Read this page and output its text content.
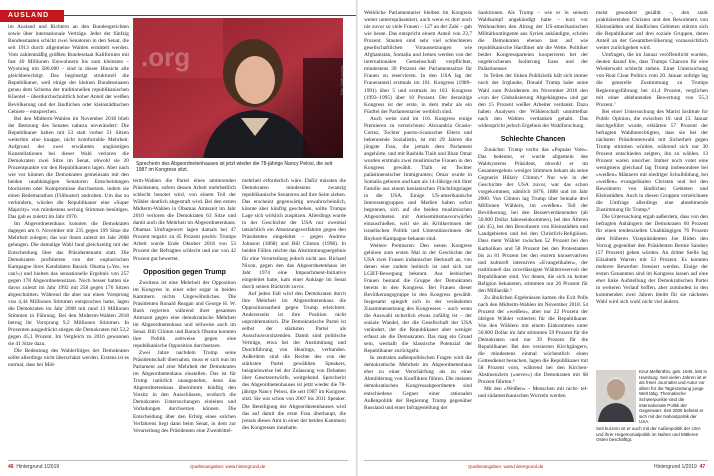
AUSLAND

im Ausland und Richtern an den Bundesgerichten sowie über internationale Verträge. Jeder der fünfzig Bundesstaaten schickt zwei Senatoren in den Senat, die seit 1913 durch allgemeine Wahlen ermittelt werden. Vom zahlenmäßig größten Bundesstaat Kalifornien mit fast 40 Millionen Einwohnern bis zum kleinsten – Wyoming mit 580.000 – sind in dieser Hinsicht alle gleichberechtigt. Das begünstigt strukturell die Republikaner, weil einige der kleinen Bundesstaaten genau dem Schema der traditionellen republikanischen Klientel – überdurchschnittlich hoher Anteil der weißen Bevölkerung und der ländlichen oder kleinstädtischen Gebiete – entsprechen.

Bei den Midterm-Wahlen im November 2018 blieb der Bestzung des Senates nahezu unverändert: Die Republikaner halten mit 53 statt vorher 51 Sitzen weiterhin eine knappe, nicht komfortable Mehrheit. Aufgrund der zwei erwähnten ungünstigen Konstellationen bei dieser Wahl verloren die Demokraten zwei Sitze im Senat, obwohl sie 20 Prozentpunkte vor den Republikanern lagen. Aber nach wie vor können die Demokraten gemeinsam mit den beiden unabhängigen Senatoren Entscheidungen blockieren oder Kompromisse durchsetzen, indem sie einen Redemarathon (Filibuster) androhen. Um das zu verhindern, würden die Republikaner eine »Super Majority« von mindestens sechzig Stimmen benötigen. Das gab es zuletzt im Jahr 1976.

Im Abgeordnetenhaus konnten die Demokraten dagegen am 6. November mit 235 gegen 199 Sitze die Mehrheit zulegen; das war ihnen zuletzt im Jahr 2008 gelungen. Die damalige Wahl fand gleichzeitig mit der Entscheidung über das Präsidentenamt statt. Die Demokraten profitierten von der euphorischen Kampagne ihres Kandidaten Barack Obama (»Yes, we can!«) und hielten das sensationelle Ergebnis von 257 gegen 178 Abgeordnetensitzen. Noch besser hatten sie davor zuletzt im Jahr 1992 mit 258 gegen 176 Sitzen abgeschnitten. Während die aber nur einen Vorsprung von 4,44 Millionen Stimmen entsprochen hatte, lagen die Demokraten im Jahr 2008 mit rund 13 Millionen Stimmen in Führung. Bei den Midterm-Wahlen 2018 betrug ihr Vorsprung 9,2 Millionen Stimmen. In Prozenten ausgedrückt stiegen die Demokraten mit 53,2 gegen 45,1 Prozent. Im Vergleich zu 2016 gewannen sie 41 Sitze dazu.

Die Bedeutung des Wahlerfolges der Demokraten sollte allerdings nicht überschätzt werden. Erstens ist es normal, dass bei Mid-

.org
Foto: Getty Images
Sprecherin des Abgeordnetenhauses ist jetzt wieder die 78-jährige Nancy Pelosi, die seit 1987 im Kongress sitzt.

term-Wahlen die Partei eines amtierenden Präsidenten, sofern dessen Arbeit mehrheitlich schlecht benotet wird, von einem Teil der Wähler deutlich abgestraft wird. Bei den ersten Midterm-Wahlen in Obamas Amtszeit im Jahr 2010 verloren die Demokraten 63 Sitze und damit auch die Mehrheit im Abgeordnetenhaus. Obamas Umfragewert lagen damals bei 47 Prozent negativ zu 45 Prozent positiv. Trumps Arbeit wurde Ende Oktober 2018 von 53 Prozent der Befragten schlecht und nur von 42 Prozent gut bewertet.

Opposition gegen Trump

Zweitens ist eine Mehrheit der Opposition im Kongress in einer oder sogar in beiden Kammern nichts Ungewöhnliches. Die Präsidenten Ronald Reagan und George H. W. Bush regierten während ihrer gesamten Amtszeit gegen eine demokratische Mehrheit im Abgeordnetenhaus und teilweise auch im Senat. Bill Clinton und Barack Obama konnten ihre Politik zeitweise gegen eine republikanische Opposition durchsetzen.

Zwei Jahre nachdem Trump seine Präsidentschaft übernahm, muss er sich nun im Parlament auf eine Mehrheit der Demokraten im Abgeordnetenhaus einstellen. Das ist für Trump natürlich unangenehm, denn das Abgeordnetenhaus übernimmt künftig den Vorsitz in den Ausschüssen, wodurch die Demokraten Untersuchungen einleiten und Vorladungen durchsetzen können. Die Entscheidung über den Erfolg eines solchen Verfahrens liegt dann beim Senat, in dem zur Verurteilung des Präsidenten eine Zweidrittel-

mehrheit erforderlich wäre. Dafür müssten die Demokraten mindestens zwanzig republikanische Senatoren auf ihre Seite ziehen. Das erscheint gegenwärtig unwahrscheinlich, könnte aber künftig geschehen, sollte Trumps Lage sich wirklich zuspitzen. Allerdings wurde in der Geschichte der USA nur zweimal tatsächlich ein Absetzungsverfahren gegen den Präsidenten eingeleitet – gegen Andrew Johnson (1868) und Bill Clinton (1998). In beiden Fällen reichte das Abstimmungsergebnis für eine Verurteilung jedoch nicht aus. Richard Nixon, gegen den das Abgeordnetenhaus im Jahr 1974 eine Impeachment-Initiative eingeleitet hatte, kam einer Anklage im Senat durch seinen Rücktritt zuvor.

Auf jeden Fall wird den Demokraten durch ihre Mehrheit im Abgeordnetenhaus die Oppositionsarbeit gegen Trump erleichtert. Andererseits ist ihre Position nicht unproblematisch. Die Demokratische Partei ist selbst der stärksten Partei als Ausschusvorsitzenden. Damit sind politische Verträge, etwa bei der Anstimmung und Durchführung von Hearings, verbunden. Außerdem sind die Rechte des von der stärksten Partei gewählten Speakers, beispielsweise bei der Zulassung von Debatten über Gesetzentwürfe, weitgehend. Sprecherin des Abgeordnetenhauses ist jetzt wieder die 78-jährige Nancy Pelosi, die seit 1987 im Kongress sitzt. Sie war schon von 2007 bis 2011 Speaker. Die Beteiligung der Abgeordnetenhauses wird das auf damit die erste Frau überhaupt, die jemals dieses Amt in einer der beiden Kammern des Kongresses innehatte.

46 Hintergrund 1/2019	Quellenangaben: www.hintergrund.de

Weibliche Parlamentarier bleiben im Kongress weiter unterrepräsentiert, auch wenn es dort noch nie zuvor so viele Frauen – 127 an der Zahl – gab wie heute. Das entspricht einem Anteil von 23,7 Prozent. Stauten sind sehr viel schlechteren gesellschaftlichen Voraussetzungen wie Afghanistan, Somalia und Jemen werden von der internationalen Gemeinschaft verpflichtet, mindestens 30 Prozent der Parlamentssitze für Frauen zu reservieren. In den USA lag der Frauenanteil erstmals im 101. Kongress (1989–1991) über 5 und erstmals im 103. Kongress (1993–1995) über 10 Prozent. Der derzeitige Kongress ist der erste, in dem mehr als ein Fünftel der Parlamentarier weiblich sind.

Auch weist sind im 116. Kongress einige Premieren zu verzeichnen: Alexandria Ocasio-Cortez, Tochter puerto-ricanischer Eltern und bekennende Sozialistin, ist mit 29 Jahren die jüngste Frau, die jemals dem Parlament angehörte, und mit Rashida Tlaib und Ilhan Omar wurden erstmals zwei muslimische Frauen in den Kongress gewählt. Tlaib ist Tochter palästinensischer Immigranten; Omar wurde in Somalia geboren und kam als 14-Jährige mit ihrer Familie aus einem kenianischen Flüchtlingslager in die USA. Einige US-amerikanische Interessengruppen und Medien haben sofort begonnen, sich auf die beiden muslimischen Abgeordneten mit Antisemitismusvorwürfen einzuschießen, weil sie als Kritikerinnen der israelischen Politik und Unterstützerinnen der Boykott-Kampagne bekannt sind.

Weitere Premieren: Den neuen Kongress gehören zum ersten Mal in der Geschichte der USA zwei Frauen indianischer Herkunft an, von denen eine zudem lesbisch ist und sich zur LGBT-Bewegung bekennt. Aus lesbischen Frauen bestand die Gruppe der Demokraten bereits in den Kongress. Bei Frauen dieser Bevölkerungsgruppe in den Kongress gewählt. Insgesamt spiegelt sich in der veränderten Zusammensetzung des Kongresses – auch wenn die Auswahl sicherlich etwas zufällig ist – der soziale Wandel, der die Gesellschaft der USA verändert, der die Republikaner aber weniger erfasst als die Demokraten. Das mag ein Grund sein, weshalb die klassische Potenzial der Republikaner zurückgeht.

In zentralen außenpolitischen Fragen wird die demokratische Mehrheit im Abgeordnetenhaus eher zu einer Verschärfung als zu einer Abmilderung von Konflikten führen. Die meisten demokratischen Kongressabgeordneten sind entschiedene Gegner einer rationalen Außenpolitik der Regierung Trump gegenüber Russland und einer Infragestellung der

Sanktionen. Als Trump – wie er in seinem Wahlkampf angekündigt hatte – kurz vor Weihnachten den Abzug der US-amerikanischen Militärkontingente aus Syrien ankündigte, schrien die Demokraten ebenso laut auf wie republikanische Hardliner um die Wette. Politiker beider Kongressparteien kooperieren bei der ungebrochenen Isolierung Irans und der Palästinenser.

In Teilen der linken Publizistik hält sich immer noch der Irrglaube, Donald Trump habe seine Wahl zum Präsidenten im November 2016 den »von der Globalisierung Abgehängten« und gar den 15 Prozent weißer Arbeiter verdankt. Dazu haben Analysen der Wählerschaft unmittelbar nach den Wahlen verdanken gehabt. Das widerspricht jedoch Ergebnis der Wahlforschung.

Schlechte Chancen

Zunächst: Trump verlor das »Popular Vote«. Das bedeutet, er wurde allgemein des Wahlsystems Präsident, obwohl er im Gesamtergebnis weniger Stimmen bekam als seine Gegnerin Hillary Clinton.⁴ Nur wie in der Geschichte der USA zuvor, war das schon vorgekommen, nämlich 1876, 1888 und im Jahr 2000. Von Clinton lag Trump über beinahe drei Millionen Wählern, im »weißen« Teil der Bevölkerung, bei den Besserverdienenden (ab 50.000 Dollar Jahreseinkommen), bei den Älteren (ab 45), bei den Bewohnern von Kleinstädten und Landgebieten und bei den Christlich-Religiösen. Dass mehr Wähler zwischen 52 Prozent bei den Katholiken und 58 Prozent bei den Protestanten bis zu 81 Prozent bei den extrem konservativen und kulturell intensiven »Evangelikalen«, der traditionell das zuverlässigste Wählerreservoir der Republikaner sind. Vor denen, die sich zu keiner Religion bekannten, stimmten nur 26 Prozent für den Milliardär.⁵

Zu ähnlichen Ergebnissen kamen die Exit Polls nach den Midterm-Wahlen im November 2018. 54 Prozent der »weißen«, aber nur 22 Prozent der übrigen Wähler votierten für die Republikaner. Von den Wählern mit einem Einkommen unter 50.000 Dollar im Jahr stimmten 59 Prozent für die Demokraten und nur 39 Prozent für die Republikaner. Bei den versierten Kirchgängern, die mindestens einmal wöchentlich einen Gottesdienst besuchen, lagen die Republikaner mit 58 Prozent vorn, während bei den Kirchen-Abstinenzlern (»never«) die Demokraten mit 68 Prozent führten.⁶

Mit den »Weißen« – Menschen mit nicht- tel- und südamerikanischen Wurzeln werden

meist gesondert gezählt –, den stark praktizierenden Christen und den Bewohnern von Kleinstädten und ländlichen Gebieten stützen sich die Republikaner auf drei soziale Gruppen, deren Anteil an der Gesamtbevölkerung voraussichtlich weiter zurückgehen wird.

Umfragen, die im Januar veröffentlicht wurden, deuten darauf hin, dass Trumps Chancen für eine Wiederwahl schlecht stehen. Einer Untersuchung von Real Clear Politics vom 20. Januar zufolge lag die generelle Zustimmung zu Trumps Regierungsführung bei 41,4 Prozent, verglichen mit einer ablehnenden Bewertung von 55,3 Prozent.⁷

Bei einer Untersuchung des Marist Institute for Public Opinion, die zwischen 10. und 13. Januar durchgeführt wurde, erklärten 57 Prozent der befragten Wahlberechtigten, dass sie bei der nächsten Präsidentenwahl mit Sicherheit gegen Trump stimmen würden, während sich nur 30 Prozent entschieden zeigten, ihn zu wählen. 13 Prozent waren unsicher. Immer noch votet eine wenigstens gleichauf lag Trump insbesondere bei »weißen« Männern mit niedriger Schulbildung, bei »weißen« evangelikalen Christen und bei den Bewohnern von ländlichen Gebieten und Kleinstädten. Auch in diesen Gruppen verzeichnete die Umfrage allerdings eine abnehmende Zustimmung für Trump.⁸

Die Untersuchung ergab außerdem, dass von den befragten Anhängern der Demokraten 60 Prozent für einen tendenziellen Unabhängigen 76 Prozent dem früheren Vizepräsidenten Joe Biden den Vorzug gegenüber den Präsidenten Bernie Sanders (57 Prozent) geben würden. An dritter Stelle lag Elizabeth Warren mit 53 Prozent. Es konnten mehrere Bewerber freesiert werden. Einige der ersten Genannten sind im Kongress lassen auf eine eher linke Aufstellung der Demokratischen Partei in weiteren Verlauf hoffen, aber zumindest in den kommenden zwei Jahren bleibt für sie nächsten Wahl wird sich wohl nicht viel ändern.

Quellenangaben: www.hintergrund.de	Hintergrund 1/2019 47
Knut Mellenthin, geb. 1946, lebt in Hamburg. Seit vielen Jahren ist er als freier Journalist und Autor vor allem für die Tageszeitung junge Welt tätig. Thematische Schwerpunkte sind die internationale Politik der Gegenwart. Seit 2005 befasst er sich mit der Nahostpolitik der USA.
Seit kurzem ist er auch mit der Außenpolitik der USA und ihrer Hegemonialpolitik im Nahen und Mittleren Osten beschäftigt.
